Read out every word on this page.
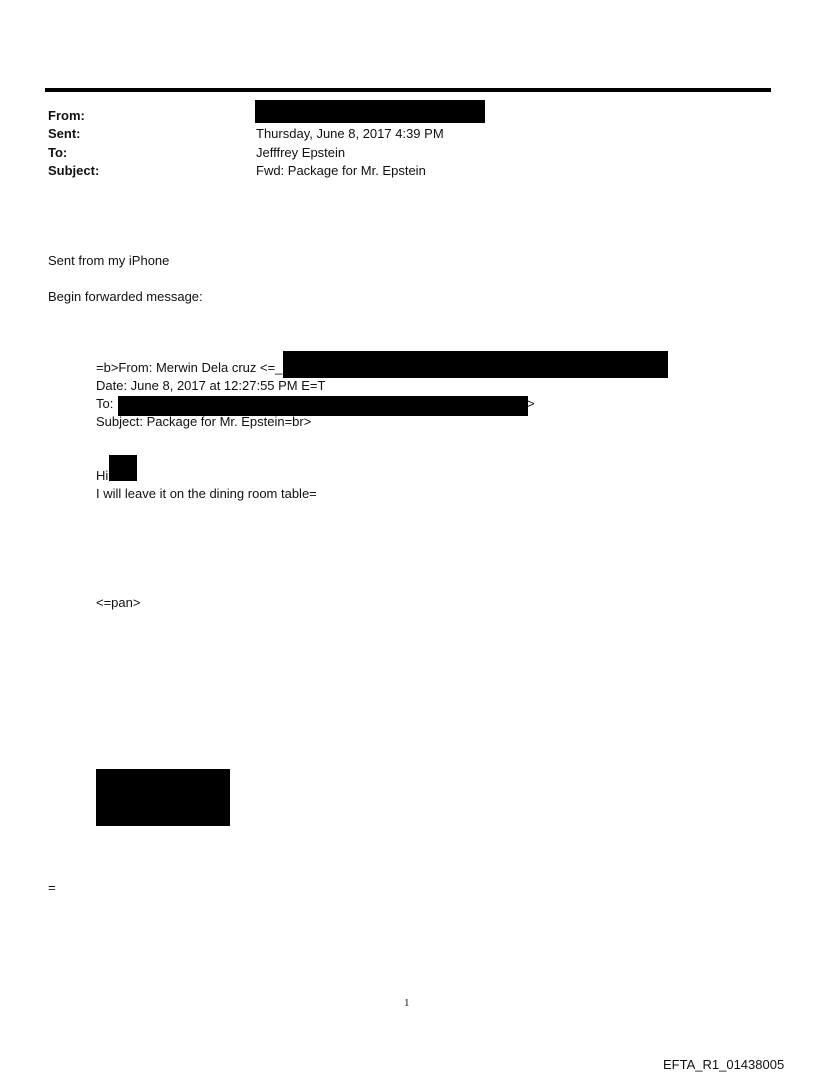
From:
Sent:	Thursday, June 8, 2017 4:39 PM
To:	Jefffrey Epstein
Subject:	Fwd: Package for Mr. Epstein
Sent from my iPhone
Begin forwarded message:
=b>From: Merwin Dela cruz <=_
Date: June 8, 2017 at 12:27:55 PM E=T
To:	>
Subject: Package for Mr. Epstein=br>
Hi
I will leave it on the dining room table=
<=pan>
=
1
EFTA_R1_01438005
